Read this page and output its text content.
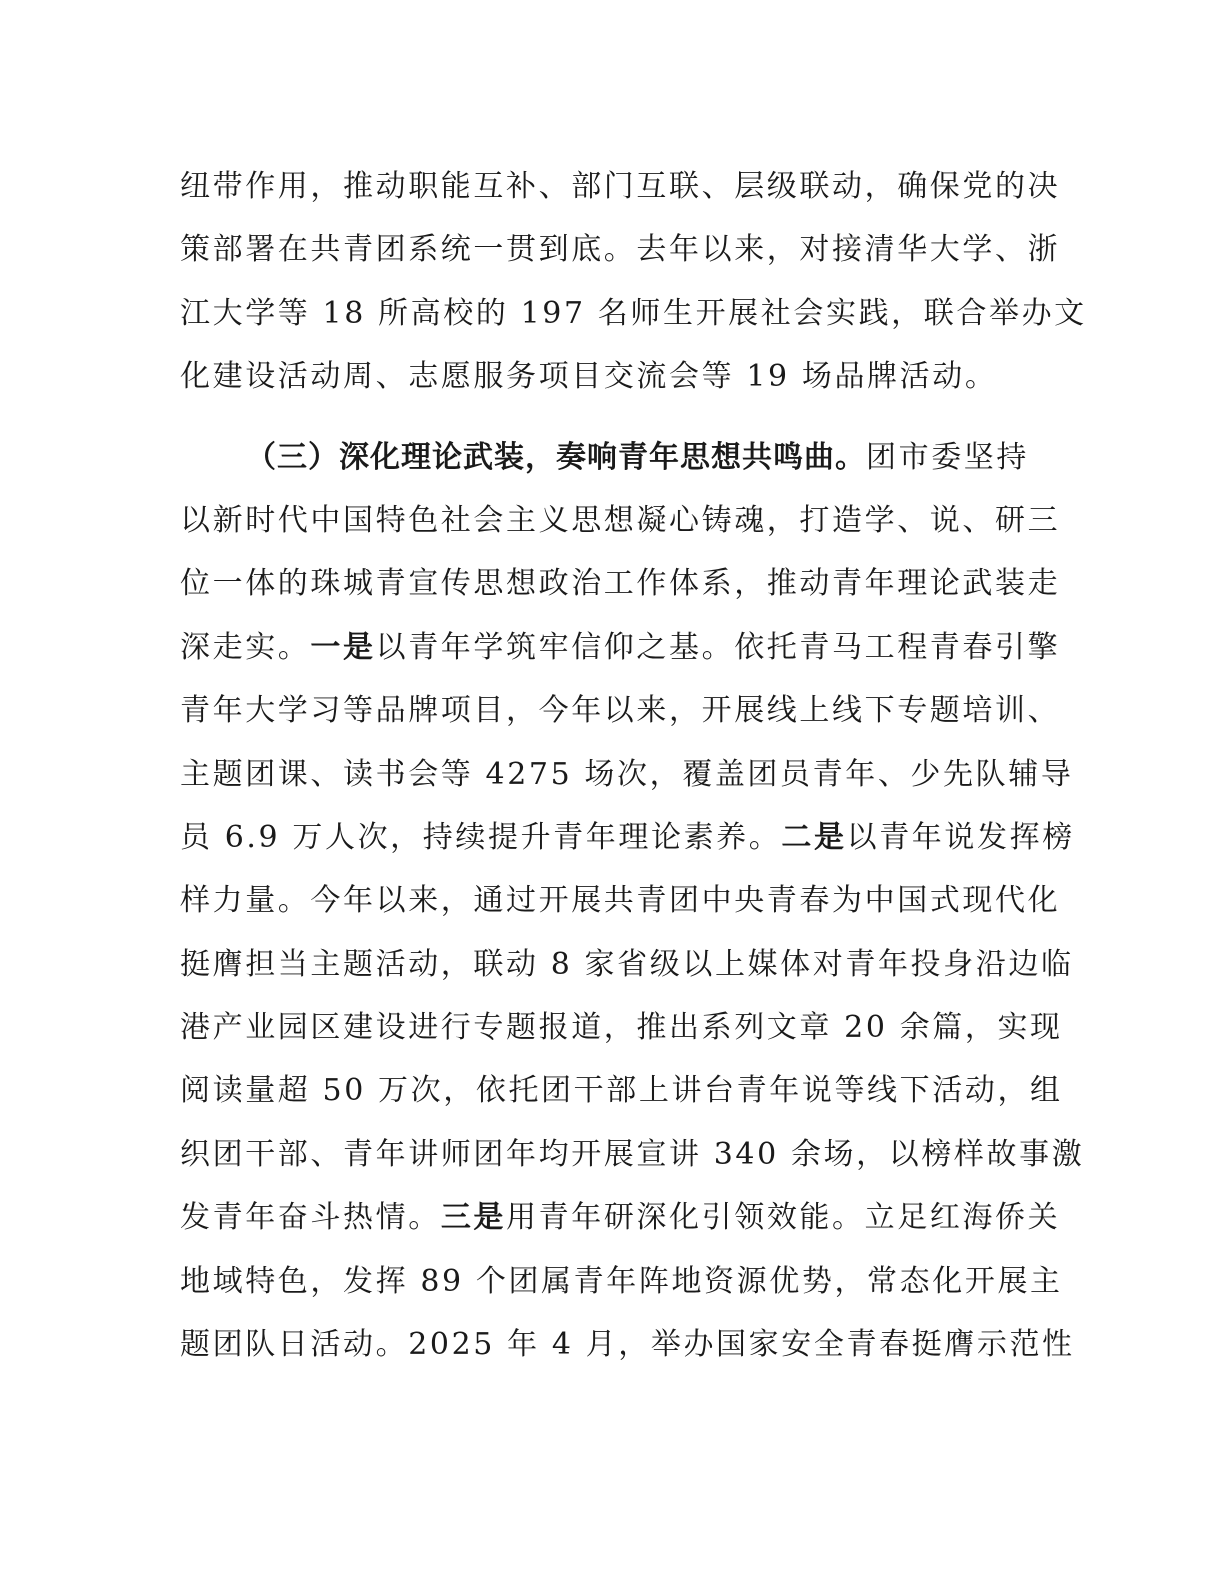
纽带作用，推动职能互补、部门互联、层级联动，确保党的决
策部署在共青团系统一贯到底。去年以来，对接清华大学、浙
江大学等 18 所高校的 197 名师生开展社会实践，联合举办文
化建设活动周、志愿服务项目交流会等 19 场品牌活动。
（三）深化理论武装，奏响青年思想共鸣曲。团市委坚持
以新时代中国特色社会主义思想凝心铸魂，打造学、说、研三
位一体的珠城青宣传思想政治工作体系，推动青年理论武装走
深走实。一是以青年学筑牢信仰之基。依托青马工程青春引擎
青年大学习等品牌项目，今年以来，开展线上线下专题培训、
主题团课、读书会等 4275 场次，覆盖团员青年、少先队辅导
员 6.9 万人次，持续提升青年理论素养。二是以青年说发挥榜
样力量。今年以来，通过开展共青团中央青春为中国式现代化
挺膺担当主题活动，联动 8 家省级以上媒体对青年投身沿边临
港产业园区建设进行专题报道，推出系列文章 20 余篇，实现
阅读量超 50 万次，依托团干部上讲台青年说等线下活动，组
织团干部、青年讲师团年均开展宣讲 340 余场，以榜样故事激
发青年奋斗热情。三是用青年研深化引领效能。立足红海侨关
地域特色，发挥 89 个团属青年阵地资源优势，常态化开展主
题团队日活动。2025 年 4 月，举办国家安全青春挺膺示范性
